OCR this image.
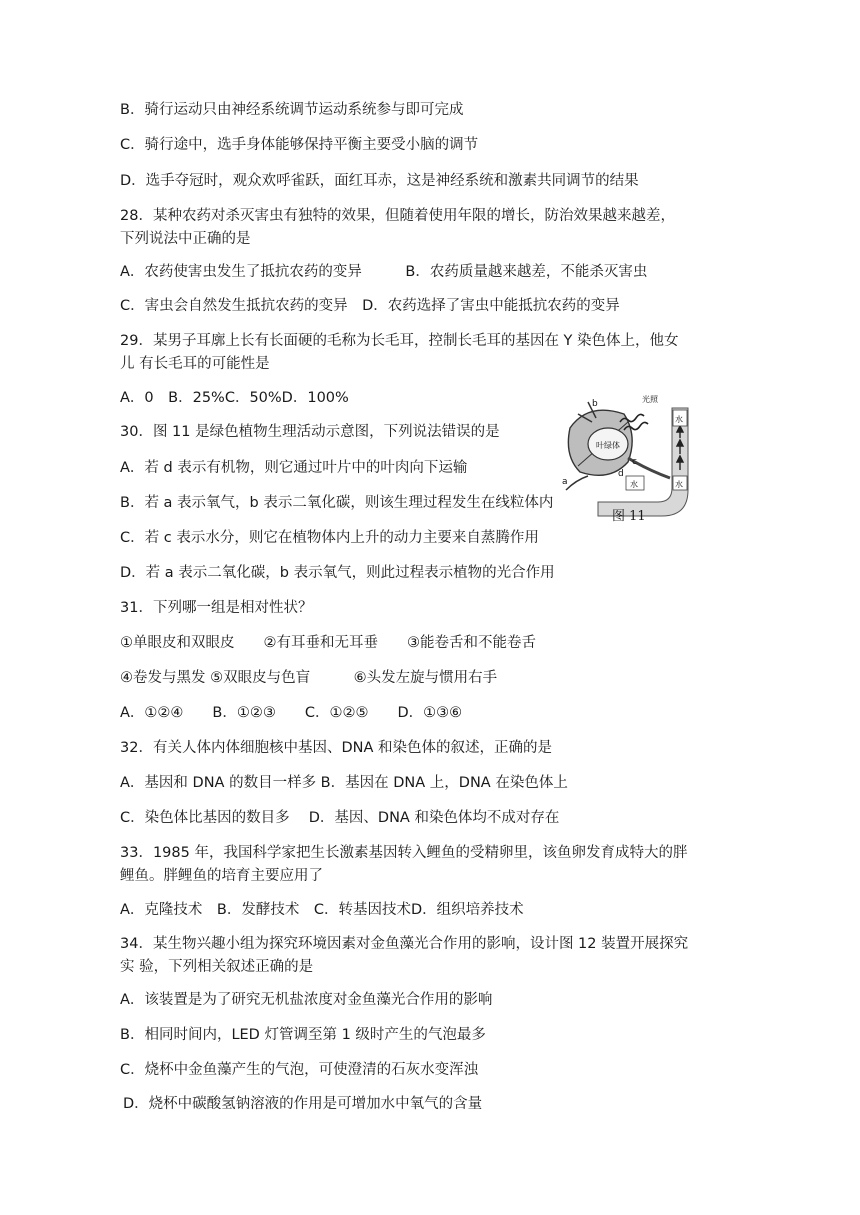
B．骑行运动只由神经系统调节运动系统参与即可完成
C．骑行途中，选手身体能够保持平衡主要受小脑的调节
D．选手夺冠时，观众欢呼雀跃，面红耳赤，这是神经系统和激素共同调节的结果
28．某种农药对杀灭害虫有独特的效果，但随着使用年限的增长，防治效果越来越差，
下列说法中正确的是
A．农药使害虫发生了抵抗农药的变异　　　B．农药质量越来越差，不能杀灭害虫
C．害虫会自然发生抵抗农药的变异　D．农药选择了害虫中能抵抗农药的变异
29．某男子耳廓上长有长面硬的毛称为长毛耳，控制长毛耳的基因在 Y 染色体上，他女
儿 有长毛耳的可能性是
A．0　B．25%C．50%D．100%
30．图 11 是绿色植物生理活动示意图，下列说法错误的是
A．若 d 表示有机物，则它通过叶片中的叶肉向下运输
B．若 a 表示氧气，b 表示二氧化碳，则该生理过程发生在线粒体内
C．若 c 表示水分，则它在植物体内上升的动力主要来自蒸腾作用
D．若 a 表示二氧化碳，b 表示氧气，则此过程表示植物的光合作用
31．下列哪一组是相对性状？
①单眼皮和双眼皮　　②有耳垂和无耳垂　　③能卷舌和不能卷舌
④卷发与黑发 ⑤双眼皮与色盲　　　⑥头发左旋与惯用右手
A．①②④　　B．①②③　　C．①②⑤　　D．①③⑥
32．有关人体内体细胞核中基因、DNA 和染色体的叙述，正确的是
A．基因和 DNA 的数目一样多 B．基因在 DNA 上，DNA 在染色体上
C．染色体比基因的数目多　 D．基因、DNA 和染色体均不成对存在
33．1985 年，我国科学家把生长激素基因转入鲤鱼的受精卵里，该鱼卵发育成特大的胖
鲤鱼。胖鲤鱼的培育主要应用了
A．克隆技术　B．发酵技术　C．转基因技术D．组织培养技术
34．某生物兴趣小组为探究环境因素对金鱼藻光合作用的影响，设计图 12 装置开展探究
实 验，下列相关叙述正确的是
A．该装置是为了研究无机盐浓度对金鱼藻光合作用的影响
B．相同时间内，LED 灯管调至第 1 级时产生的气泡最多
C．烧杯中金鱼藻产生的气泡，可使澄清的石灰水变浑浊
D．烧杯中碳酸氢钠溶液的作用是可增加水中氧气的含量
光照
叶绿体
水
水
水
a
b
c
d
图 11
